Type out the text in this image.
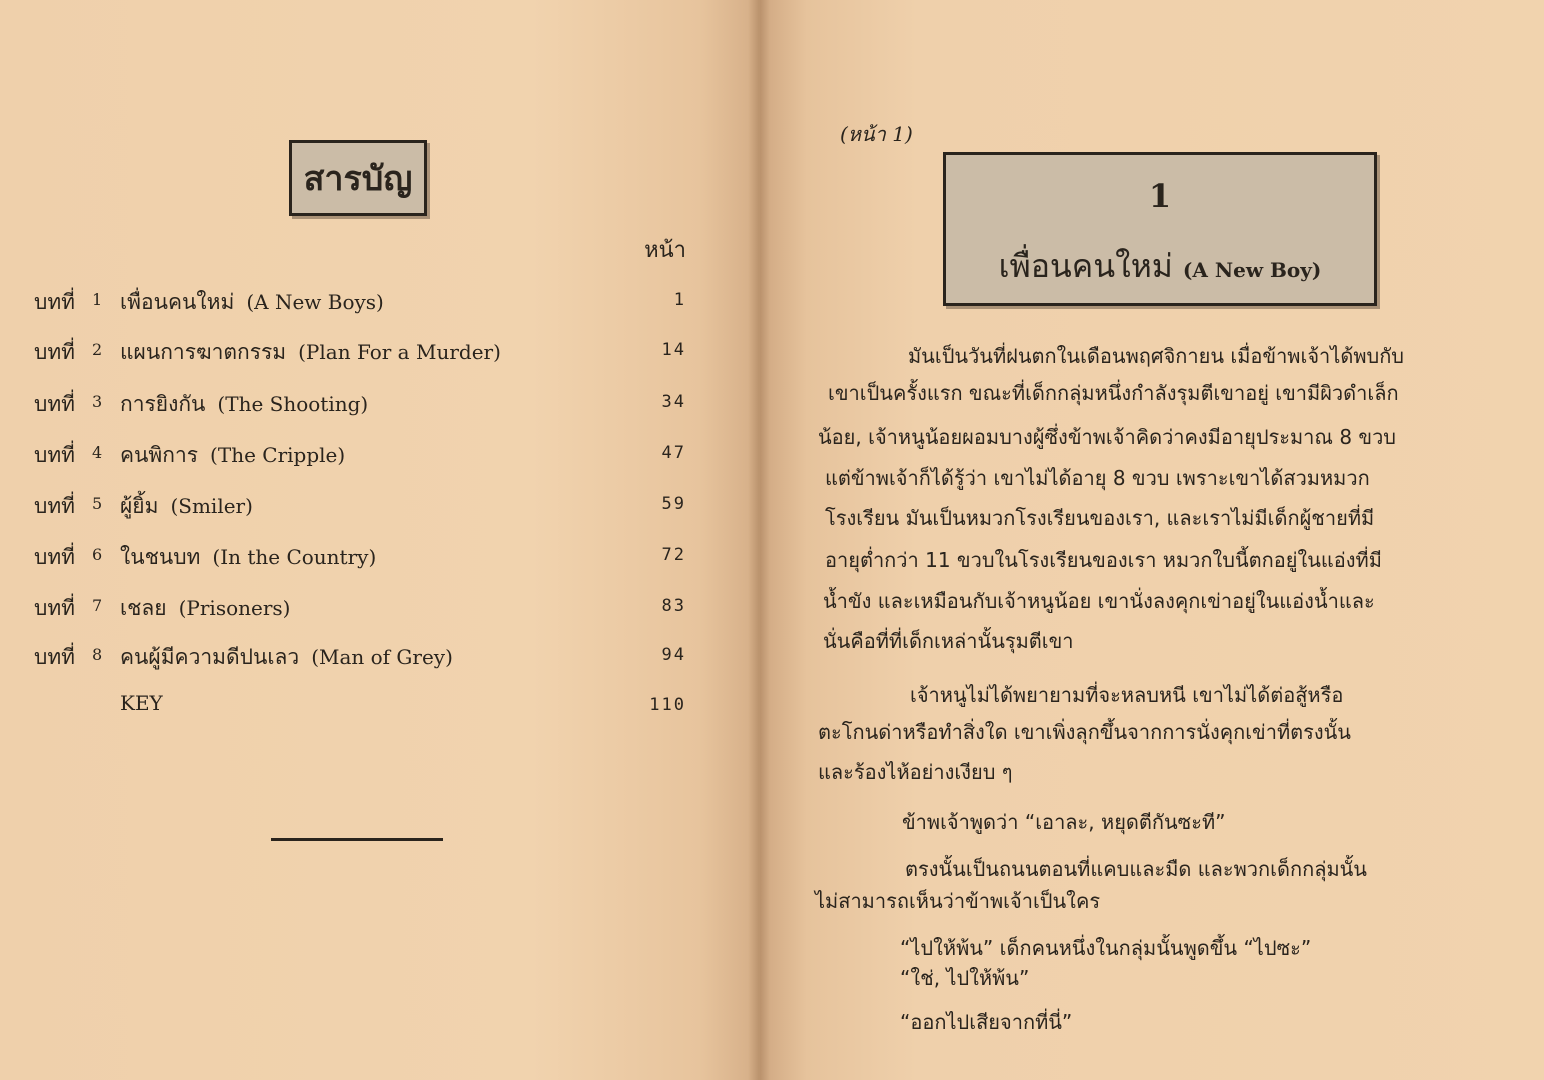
สารบัญ
หน้า
บทที่ 1 เพื่อนคนใหม่ (A New Boys)	1
บทที่ 2 แผนการฆาตกรรม (Plan For a Murder)	14
บทที่ 3 การยิงกัน (The Shooting)	34
บทที่ 4 คนพิการ (The Cripple)	47
บทที่ 5 ผู้ยิ้ม (Smiler)	59
บทที่ 6 ในชนบท (In the Country)	72
บทที่ 7 เชลย (Prisoners)	83
บทที่ 8 คนผู้มีความดีปนเลว (Man of Grey)	94
KEY	110
(หน้า 1)
1
เพื่อนคนใหม่ (A New Boy)
มันเป็นวันที่ฝนตกในเดือนพฤศจิกายน เมื่อข้าพเจ้าได้พบกับ
เขาเป็นครั้งแรก ขณะที่เด็กกลุ่มหนึ่งกำลังรุมตีเขาอยู่ เขามีผิวดำเล็ก
น้อย, เจ้าหนูน้อยผอมบางผู้ซึ่งข้าพเจ้าคิดว่าคงมีอายุประมาณ 8 ขวบ
แต่ข้าพเจ้าก็ได้รู้ว่า เขาไม่ได้อายุ 8 ขวบ เพราะเขาได้สวมหมวก
โรงเรียน มันเป็นหมวกโรงเรียนของเรา, และเราไม่มีเด็กผู้ชายที่มี
อายุต่ำกว่า 11 ขวบในโรงเรียนของเรา หมวกใบนี้ตกอยู่ในแอ่งที่มี
น้ำขัง และเหมือนกับเจ้าหนูน้อย เขานั่งลงคุกเข่าอยู่ในแอ่งน้ำและ
นั่นคือที่ที่เด็กเหล่านั้นรุมตีเขา
เจ้าหนูไม่ได้พยายามที่จะหลบหนี เขาไม่ได้ต่อสู้หรือ
ตะโกนด่าหรือทำสิ่งใด เขาเพิ่งลุกขึ้นจากการนั่งคุกเข่าที่ตรงนั้น
และร้องไห้อย่างเงียบ ๆ
ข้าพเจ้าพูดว่า “เอาละ, หยุดตีกันซะที”
ตรงนั้นเป็นถนนตอนที่แคบและมืด และพวกเด็กกลุ่มนั้น
ไม่สามารถเห็นว่าข้าพเจ้าเป็นใคร
“ไปให้พ้น” เด็กคนหนึ่งในกลุ่มนั้นพูดขึ้น “ไปซะ”
“ใช่, ไปให้พ้น”
“ออกไปเสียจากที่นี่”
